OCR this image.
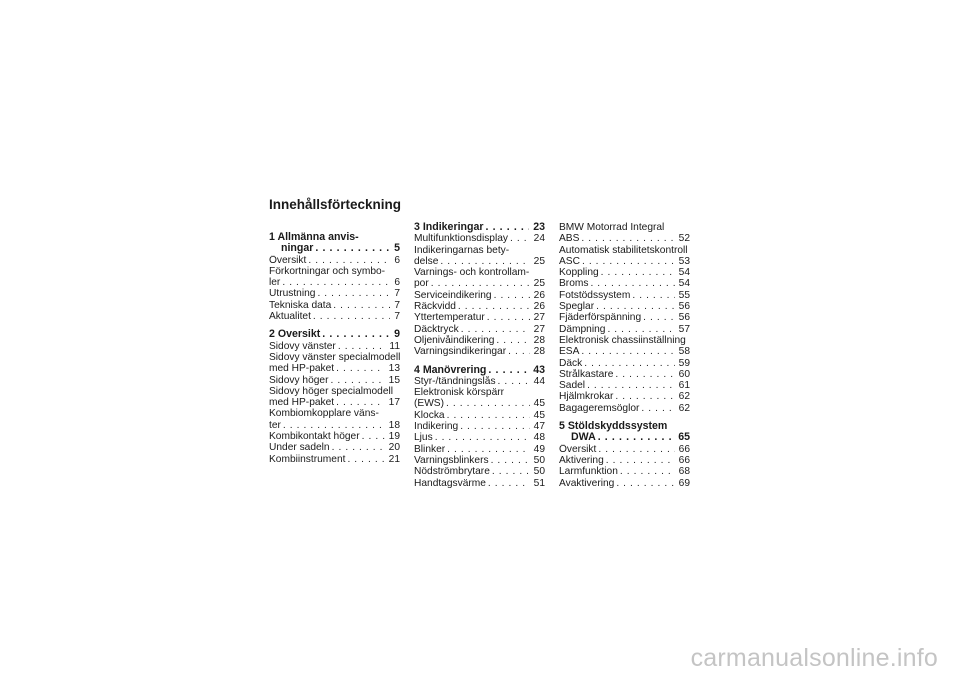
Innehållsförteckning
1 Allmänna anvis-
ningar . . .	5
Översikt . . .	6
Förkortningar och symbo-
ler . . .	6
Utrustning . . .	7
Tekniska data . . .	7
Aktualitet . . .	7
2 Översikt . . .	9
Sidovy vänster . . .	11
Sidovy vänster specialmodell
med HP-paket . . .	13
Sidovy höger . . .	15
Sidovy höger specialmodell
med HP-paket . . .	17
Kombiomkopplare väns-
ter . . .	18
Kombikontakt höger . . .	19
Under sadeln . . .	20
Kombiinstrument . . .	21
3 Indikeringar . . .	23
Multifunktionsdisplay . . .	24
Indikeringarnas bety-
delse . . .	25
Varnings- och kontrollam-
por . . .	25
Serviceindikering . . .	26
Räckvidd . . .	26
Yttertemperatur . . .	27
Däcktryck . . .	27
Oljenivåindikering . . .	28
Varningsindikeringar . . .	28
4 Manövrering . . .	43
Styr-/tändningslås . . .	44
Elektronisk körspärr
(EWS) . . .	45
Klocka . . .	45
Indikering . . .	47
Ljus . . .	48
Blinker . . .	49
Varningsblinkers . . .	50
Nödströmbrytare . . .	50
Handtagsvärme . . .	51
BMW Motorrad Integral
ABS . . .	52
Automatisk stabilitetskontroll
ASC . . .	53
Koppling . . .	54
Broms . . .	54
Fotstödssystem . . .	55
Speglar . . .	56
Fjäderförspänning . . .	56
Dämpning . . .	57
Elektronisk chassiinställning
ESA . . .	58
Däck . . .	59
Strålkastare . . .	60
Sadel . . .	61
Hjälmkrokar . . .	62
Bagageremsöglor . . .	62
5 Stöldskyddssystem
DWA . . .	65
Översikt . . .	66
Aktivering . . .	66
Larmfunktion . . .	68
Avaktivering . . .	69
carmanualsonline.info
